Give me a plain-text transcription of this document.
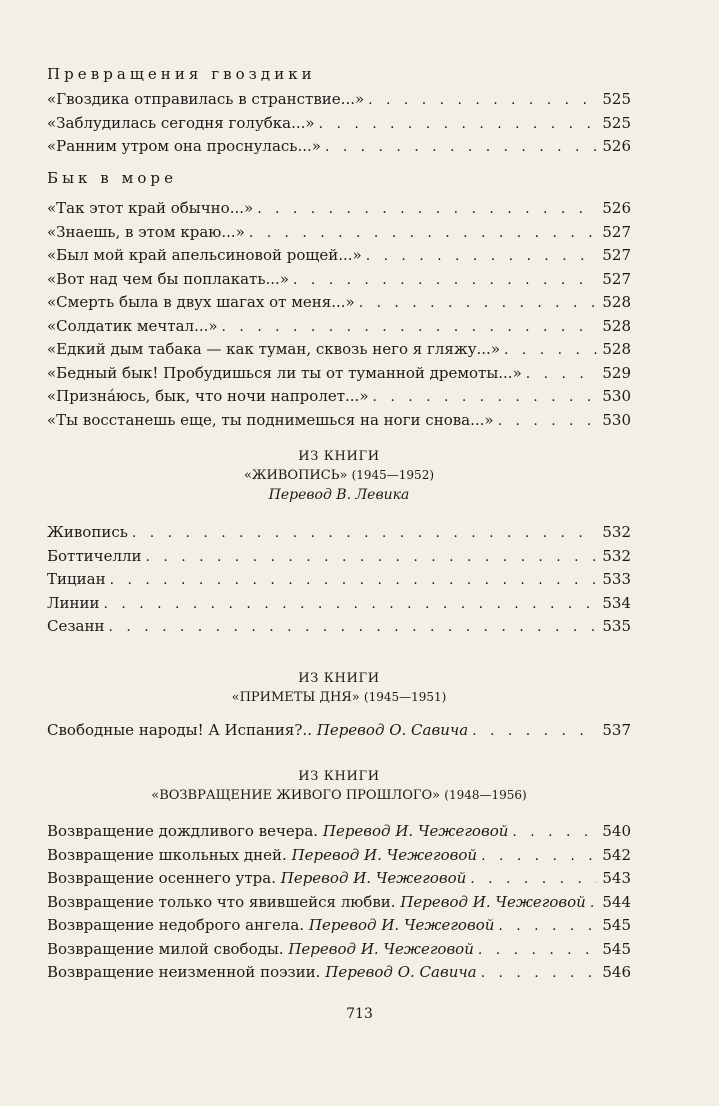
Превращения гвоздики
«Гвоздика отправилась в странствие...» . . .	525
«Заблудилась сегодня голубка...» . . .	525
«Ранним утром она проснулась...» . . .	526
Бык в море
«Так этот край обычно...» . . .	526
«Знаешь, в этом краю...» . . .	527
«Был мой край апельсиновой рощей...» . . .	527
«Вот над чем бы поплакать...» . . .	527
«Смерть была в двух шагах от меня...» . . .	528
«Солдатик мечтал...» . . .	528
«Едкий дым табака — как туман, сквозь него я гляжу...» . . .	528
«Бедный бык! Пробудишься ли ты от туманной дремоты...» . . .	529
«Признáюсь, бык, что ночи напролет...» . . .	530
«Ты восстанешь еще, ты поднимешься на ноги снова...» . . .	530
ИЗ КНИГИ
«ЖИВОПИСЬ» (1945—1952)
Перевод В. Левика
Живопись . . .	532
Боттичелли . . .	532
Тициан . . .	533
Линии . . .	534
Сезанн . . .	535
ИЗ КНИГИ
«ПРИМЕТЫ ДНЯ» (1945—1951)
Свободные народы! А Испания?.. Перевод О. Савича . . .	537
ИЗ КНИГИ
«ВОЗВРАЩЕНИЕ ЖИВОГО ПРОШЛОГО» (1948—1956)
Возвращение дождливого вечера. Перевод И. Чежеговой . . .	540
Возвращение школьных дней. Перевод И. Чежеговой . . .	542
Возвращение осеннего утра. Перевод И. Чежеговой . . .	543
Возвращение только что явившейся любви. Перевод И. Чежеговой . . . 544
Возвращение недоброго ангела. Перевод И. Чежеговой . . .	545
Возвращение милой свободы. Перевод И. Чежеговой . . .	545
Возвращение неизменной поэзии. Перевод О. Савича . . .	546
713
